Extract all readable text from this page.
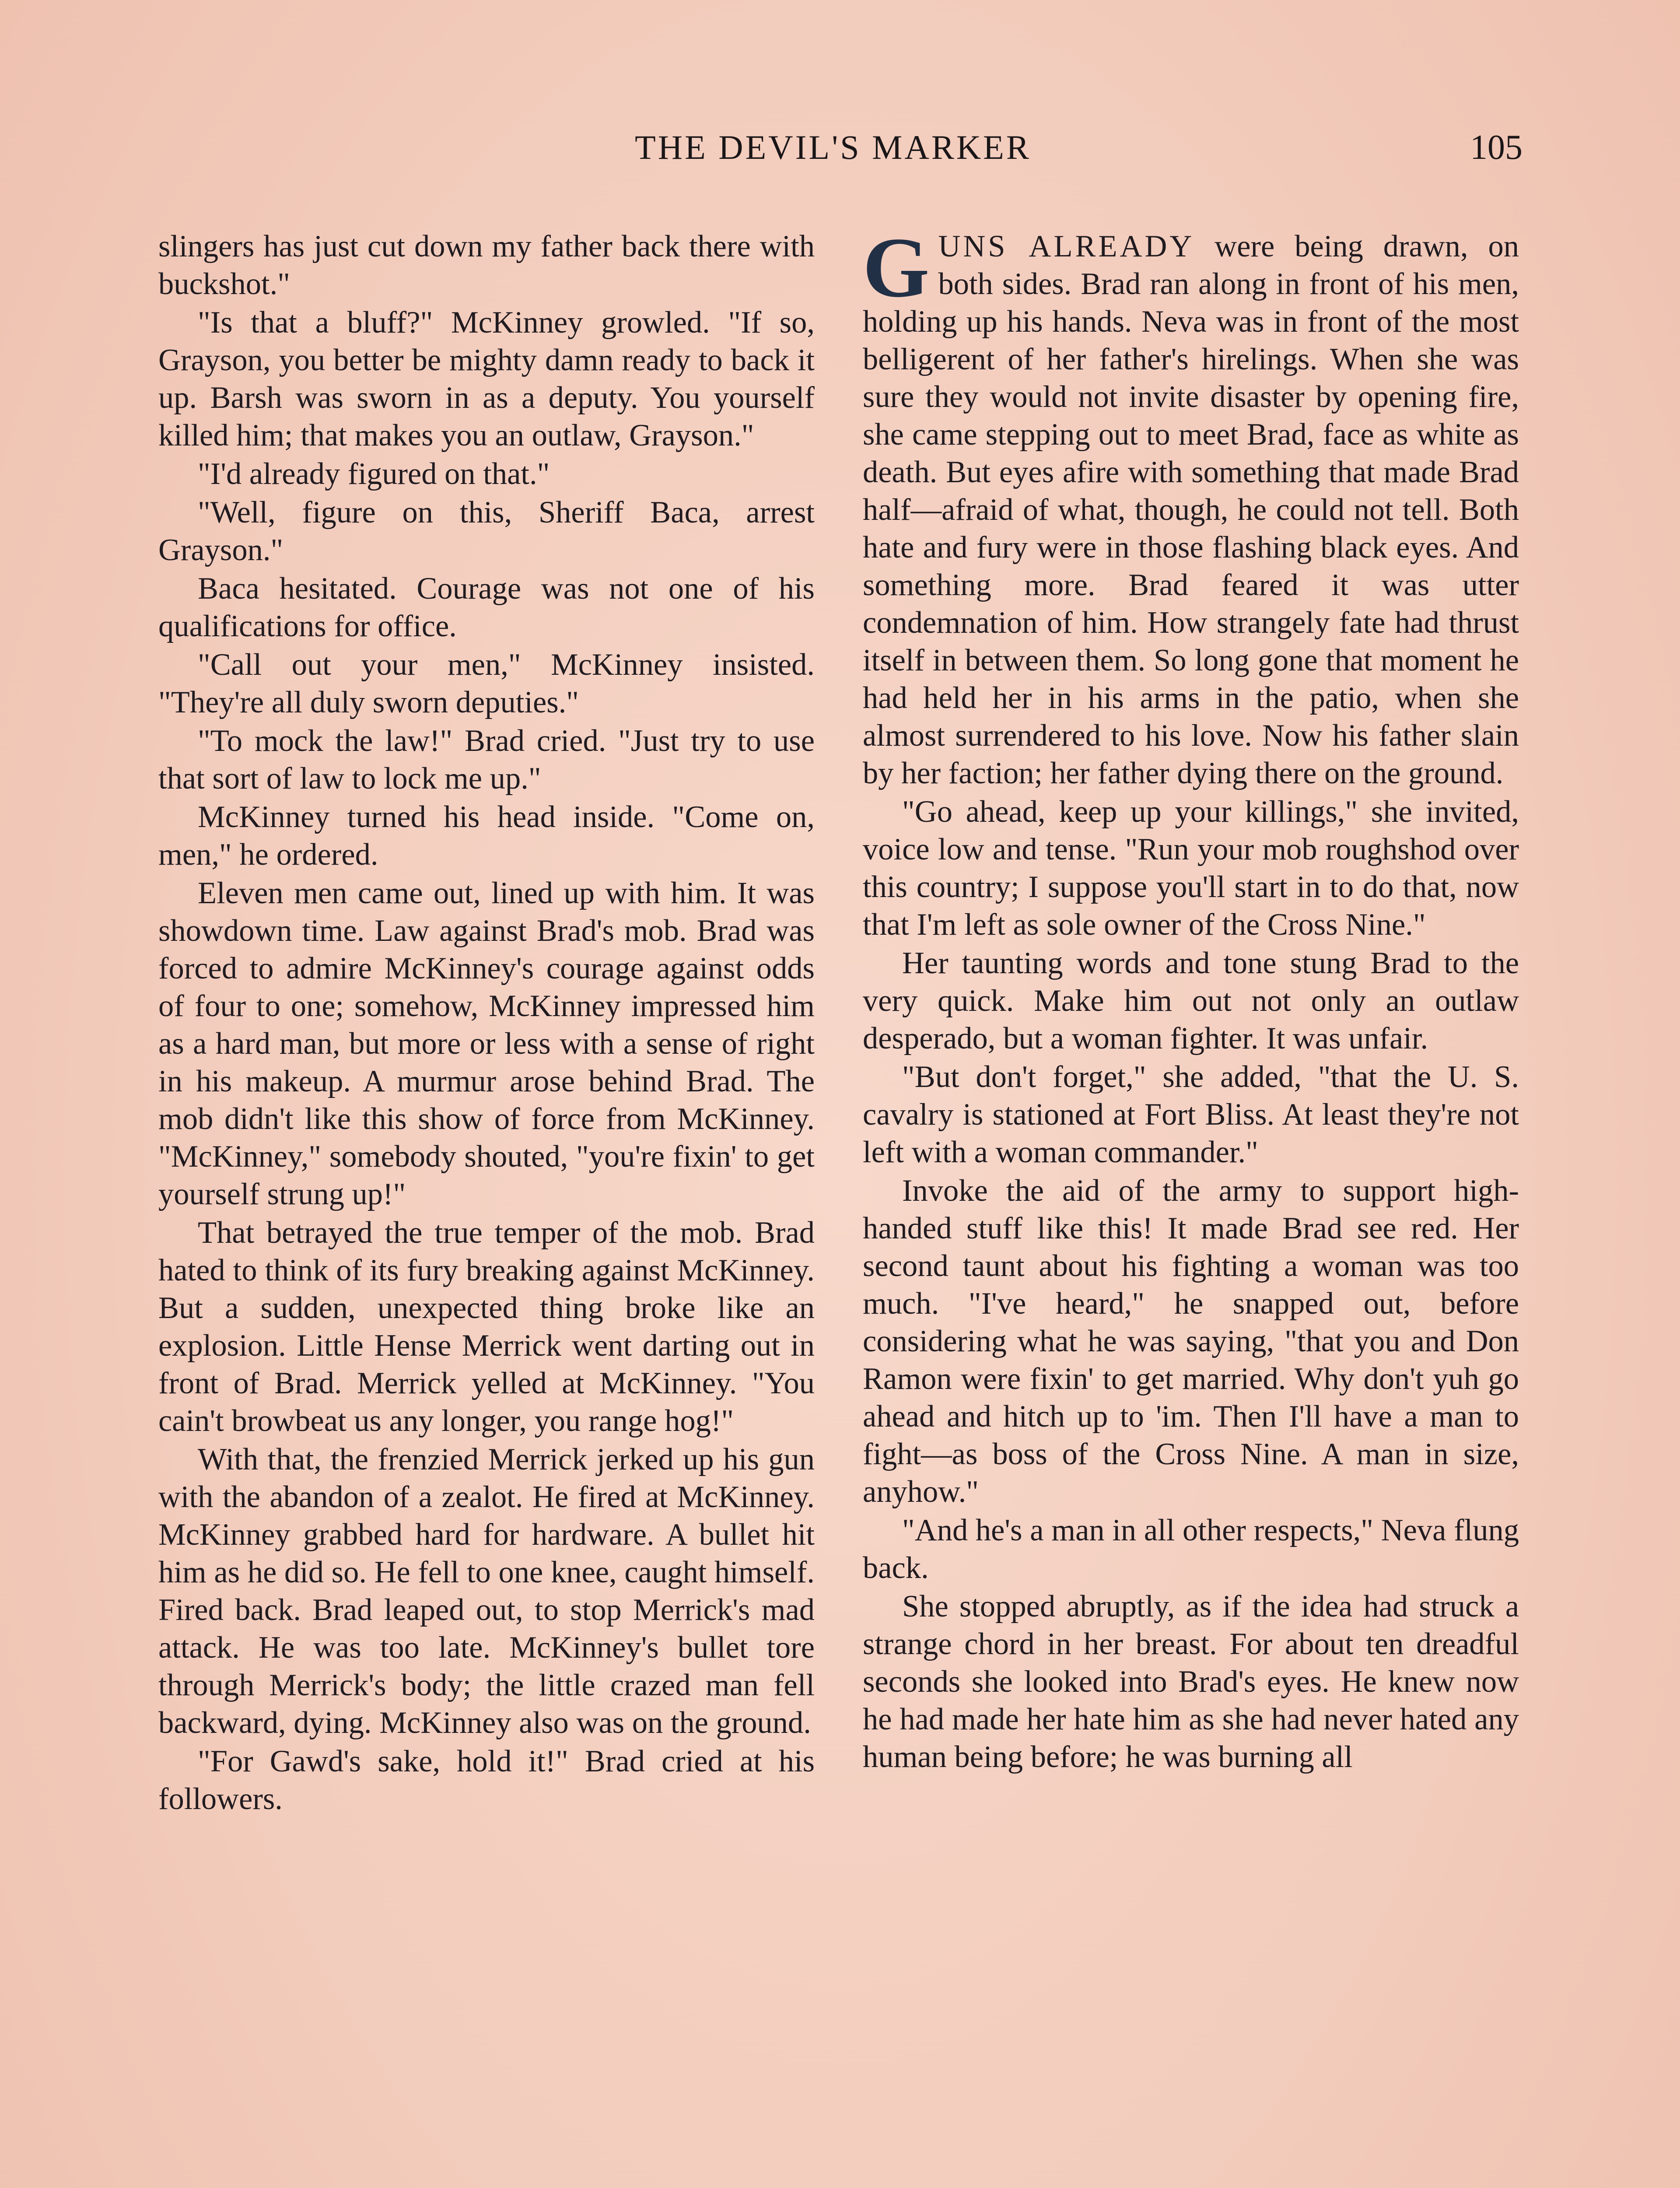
THE DEVIL'S MARKER	105

slingers has just cut down my father back there with buckshot."

"Is that a bluff?" McKinney growled. "If so, Grayson, you better be mighty damn ready to back it up. Barsh was sworn in as a deputy. You yourself killed him; that makes you an outlaw, Grayson."

"I'd already figured on that."

"Well, figure on this, Sheriff Baca, arrest Grayson."

Baca hesitated. Courage was not one of his qualifications for office.

"Call out your men," McKinney insisted. "They're all duly sworn deputies."

"To mock the law!" Brad cried. "Just try to use that sort of law to lock me up."

McKinney turned his head inside. "Come on, men," he ordered.

Eleven men came out, lined up with him. It was showdown time. Law against Brad's mob. Brad was forced to admire McKinney's courage against odds of four to one; somehow, McKinney impressed him as a hard man, but more or less with a sense of right in his makeup. A murmur arose behind Brad. The mob didn't like this show of force from McKinney. "McKinney," somebody shouted, "you're fixin' to get yourself strung up!"

That betrayed the true temper of the mob. Brad hated to think of its fury breaking against McKinney. But a sudden, unexpected thing broke like an explosion. Little Hense Merrick went darting out in front of Brad. Merrick yelled at McKinney. "You cain't browbeat us any longer, you range hog!"

With that, the frenzied Merrick jerked up his gun with the abandon of a zealot. He fired at McKinney. McKinney grabbed hard for hardware. A bullet hit him as he did so. He fell to one knee, caught himself. Fired back. Brad leaped out, to stop Merrick's mad attack. He was too late. McKinney's bullet tore through Merrick's body; the little crazed man fell backward, dying. McKinney also was on the ground.

"For Gawd's sake, hold it!" Brad cried at his followers.

GUNS ALREADY were being drawn, on both sides. Brad ran along in front of his men, holding up his hands. Neva was in front of the most belligerent of her father's hirelings. When she was sure they would not invite disaster by opening fire, she came stepping out to meet Brad, face as white as death. But eyes afire with something that made Brad half—afraid of what, though, he could not tell. Both hate and fury were in those flashing black eyes. And something more. Brad feared it was utter condemnation of him. How strangely fate had thrust itself in between them. So long gone that moment he had held her in his arms in the patio, when she almost surrendered to his love. Now his father slain by her faction; her father dying there on the ground.

"Go ahead, keep up your killings," she invited, voice low and tense. "Run your mob roughshod over this country; I suppose you'll start in to do that, now that I'm left as sole owner of the Cross Nine."

Her taunting words and tone stung Brad to the very quick. Make him out not only an outlaw desperado, but a woman fighter. It was unfair.

"But don't forget," she added, "that the U. S. cavalry is stationed at Fort Bliss. At least they're not left with a woman commander."

Invoke the aid of the army to support high-handed stuff like this! It made Brad see red. Her second taunt about his fighting a woman was too much. "I've heard," he snapped out, before considering what he was saying, "that you and Don Ramon were fixin' to get married. Why don't yuh go ahead and hitch up to 'im. Then I'll have a man to fight—as boss of the Cross Nine. A man in size, anyhow."

"And he's a man in all other respects," Neva flung back.

She stopped abruptly, as if the idea had struck a strange chord in her breast. For about ten dreadful seconds she looked into Brad's eyes. He knew now he had made her hate him as she had never hated any human being before; he was burning all
